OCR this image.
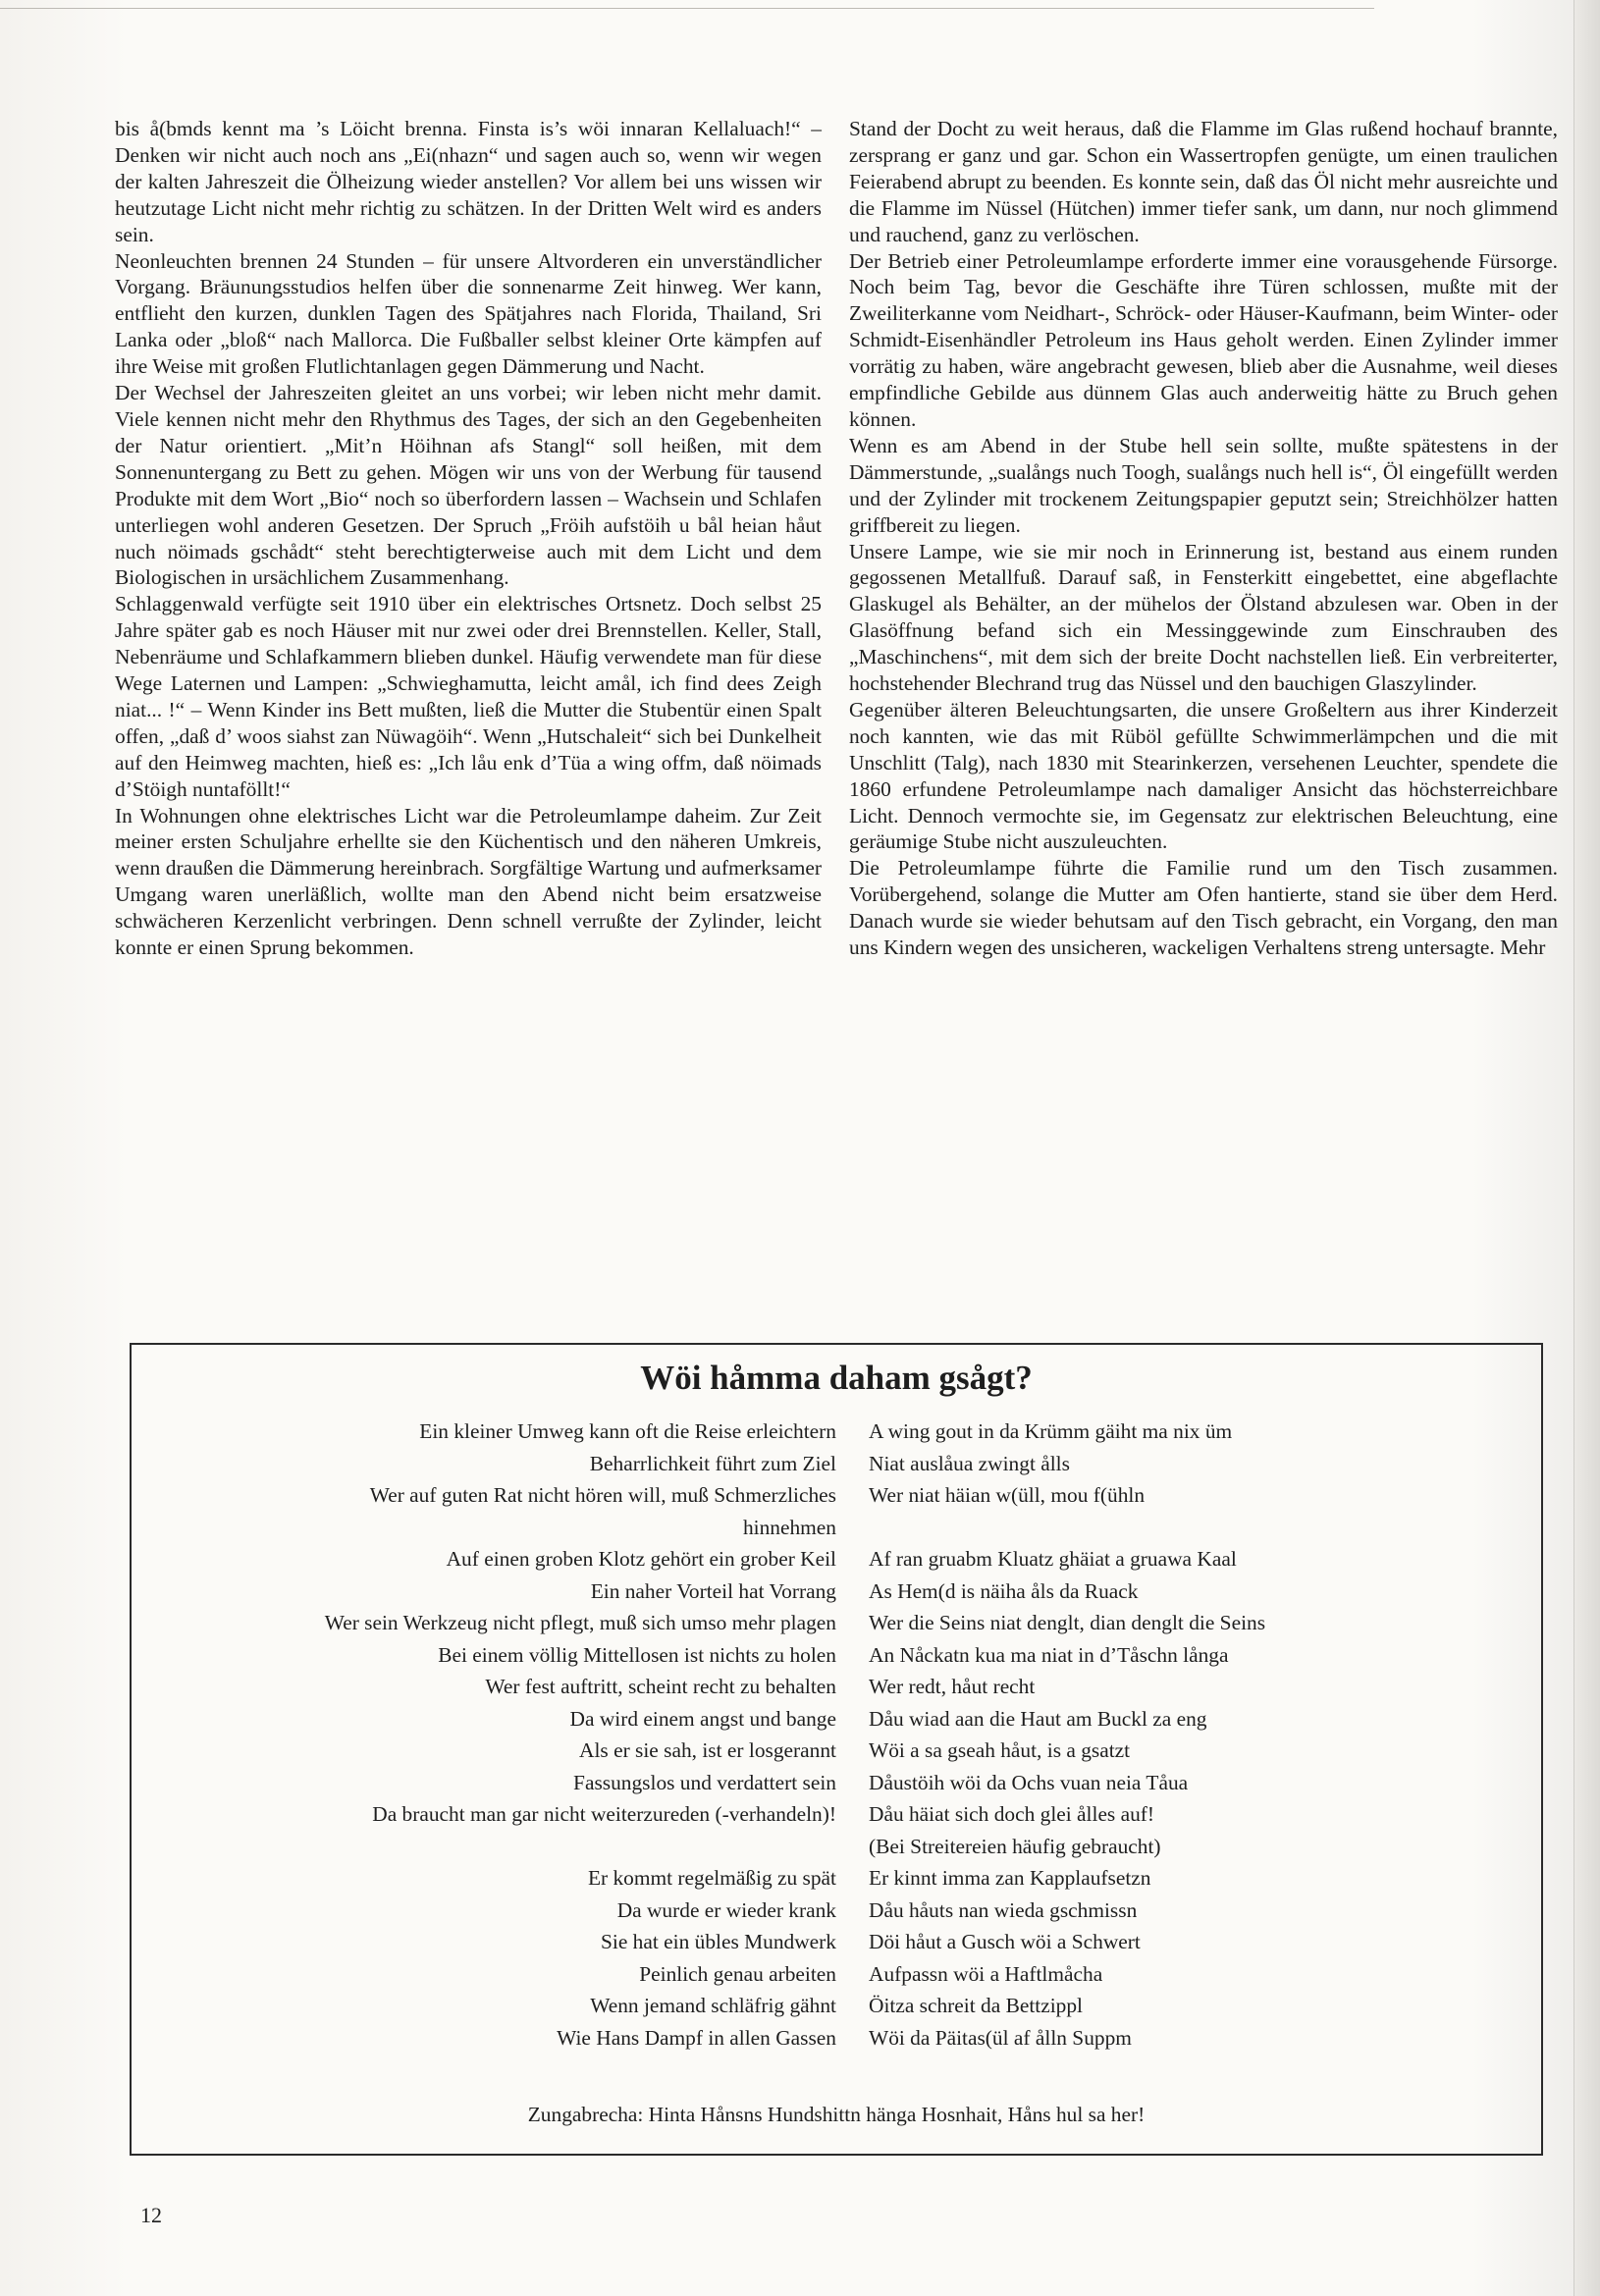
bis å(bmds kennt ma ’s Löicht brenna. Finsta is’s wöi innaran Kellaluach!“ – Denken wir nicht auch noch ans „Ei(nhazn“ und sagen auch so, wenn wir wegen der kalten Jahreszeit die Ölheizung wieder anstellen? Vor allem bei uns wissen wir heutzutage Licht nicht mehr richtig zu schätzen. In der Dritten Welt wird es anders sein.

Neonleuchten brennen 24 Stunden – für unsere Altvorderen ein unverständlicher Vorgang. Bräunungsstudios helfen über die sonnenarme Zeit hinweg. Wer kann, entflieht den kurzen, dunklen Tagen des Spätjahres nach Florida, Thailand, Sri Lanka oder „bloß“ nach Mallorca. Die Fußballer selbst kleiner Orte kämpfen auf ihre Weise mit großen Flutlichtanlagen gegen Dämmerung und Nacht.

Der Wechsel der Jahreszeiten gleitet an uns vorbei; wir leben nicht mehr damit. Viele kennen nicht mehr den Rhythmus des Tages, der sich an den Gegebenheiten der Natur orientiert. „Mit’n Höihnan afs Stangl“ soll heißen, mit dem Sonnenuntergang zu Bett zu gehen. Mögen wir uns von der Werbung für tausend Produkte mit dem Wort „Bio“ noch so überfordern lassen – Wachsein und Schlafen unterliegen wohl anderen Gesetzen. Der Spruch „Fröih aufstöih u bål heian håut nuch nöimads gschådt“ steht berechtigterweise auch mit dem Licht und dem Biologischen in ursächlichem Zusammenhang.

Schlaggenwald verfügte seit 1910 über ein elektrisches Ortsnetz. Doch selbst 25 Jahre später gab es noch Häuser mit nur zwei oder drei Brennstellen. Keller, Stall, Nebenräume und Schlafkammern blieben dunkel. Häufig verwendete man für diese Wege Laternen und Lampen: „Schwieghamutta, leicht amål, ich find dees Zeigh niat... !“ – Wenn Kinder ins Bett mußten, ließ die Mutter die Stubentür einen Spalt offen, „daß d’ woos siahst zan Nüwagöih“. Wenn „Hutschaleit“ sich bei Dunkelheit auf den Heimweg machten, hieß es: „Ich låu enk d’Tüa a wing offm, daß nöimads d’Stöigh nuntaföllt!“

In Wohnungen ohne elektrisches Licht war die Petroleumlampe daheim. Zur Zeit meiner ersten Schuljahre erhellte sie den Küchentisch und den näheren Umkreis, wenn draußen die Dämmerung hereinbrach. Sorgfältige Wartung und aufmerksamer Umgang waren unerläßlich, wollte man den Abend nicht beim ersatzweise schwächeren Kerzenlicht verbringen. Denn schnell verrußte der Zylinder, leicht konnte er einen Sprung bekommen.

Stand der Docht zu weit heraus, daß die Flamme im Glas rußend hochauf brannte, zersprang er ganz und gar. Schon ein Wassertropfen genügte, um einen traulichen Feierabend abrupt zu beenden. Es konnte sein, daß das Öl nicht mehr ausreichte und die Flamme im Nüssel (Hütchen) immer tiefer sank, um dann, nur noch glimmend und rauchend, ganz zu verlöschen.

Der Betrieb einer Petroleumlampe erforderte immer eine vorausgehende Fürsorge. Noch beim Tag, bevor die Geschäfte ihre Türen schlossen, mußte mit der Zweiliterkanne vom Neidhart-, Schröck- oder Häuser-Kaufmann, beim Winter- oder Schmidt-Eisenhändler Petroleum ins Haus geholt werden. Einen Zylinder immer vorrätig zu haben, wäre angebracht gewesen, blieb aber die Ausnahme, weil dieses empfindliche Gebilde aus dünnem Glas auch anderweitig hätte zu Bruch gehen können.

Wenn es am Abend in der Stube hell sein sollte, mußte spätestens in der Dämmerstunde, „sualångs nuch Toogh, sualångs nuch hell is“, Öl eingefüllt werden und der Zylinder mit trockenem Zeitungspapier geputzt sein; Streichhölzer hatten griffbereit zu liegen.

Unsere Lampe, wie sie mir noch in Erinnerung ist, bestand aus einem runden gegossenen Metallfuß. Darauf saß, in Fensterkitt eingebettet, eine abgeflachte Glaskugel als Behälter, an der mühelos der Ölstand abzulesen war. Oben in der Glasöffnung befand sich ein Messinggewinde zum Einschrauben des „Maschinchens“, mit dem sich der breite Docht nachstellen ließ. Ein verbreiterter, hochstehender Blechrand trug das Nüssel und den bauchigen Glaszylinder.

Gegenüber älteren Beleuchtungsarten, die unsere Großeltern aus ihrer Kinderzeit noch kannten, wie das mit Rüböl gefüllte Schwimmerlämpchen und die mit Unschlitt (Talg), nach 1830 mit Stearinkerzen, versehenen Leuchter, spendete die 1860 erfundene Petroleumlampe nach damaliger Ansicht das höchsterreichbare Licht. Dennoch vermochte sie, im Gegensatz zur elektrischen Beleuchtung, eine geräumige Stube nicht auszuleuchten.

Die Petroleumlampe führte die Familie rund um den Tisch zusammen. Vorübergehend, solange die Mutter am Ofen hantierte, stand sie über dem Herd. Danach wurde sie wieder behutsam auf den Tisch gebracht, ein Vorgang, den man uns Kindern wegen des unsicheren, wackeligen Verhaltens streng untersagte. Mehr

Wöi håmma daham gsågt?
Ein kleiner Umweg kann oft die Reise erleichtern
Beharrlichkeit führt zum Ziel
Wer auf guten Rat nicht hören will, muß Schmerzliches
hinnehmen
Auf einen groben Klotz gehört ein grober Keil
Ein naher Vorteil hat Vorrang
Wer sein Werkzeug nicht pflegt, muß sich umso mehr plagen
Bei einem völlig Mittellosen ist nichts zu holen
Wer fest auftritt, scheint recht zu behalten
Da wird einem angst und bange
Als er sie sah, ist er losgerannt
Fassungslos und verdattert sein
Da braucht man gar nicht weiterzureden (-verhandeln)!
Er kommt regelmäßig zu spät
Da wurde er wieder krank
Sie hat ein übles Mundwerk
Peinlich genau arbeiten
Wenn jemand schläfrig gähnt
Wie Hans Dampf in allen Gassen
A wing gout in da Krümm gäiht ma nix üm
Niat auslåua zwingt ålls
Wer niat häian w(üll, mou f(ühln
Af ran gruabm Kluatz ghäiat a gruawa Kaal
As Hem(d is näiha åls da Ruack
Wer die Seins niat denglt, dian denglt die Seins
An Nåckatn kua ma niat in d’Tåschn långa
Wer redt, håut recht
Dåu wiad aan die Haut am Buckl za eng
Wöi a sa gseah håut, is a gsatzt
Dåustöih wöi da Ochs vuan neia Tåua
Dåu häiat sich doch glei ålles auf!
(Bei Streitereien häufig gebraucht)
Er kinnt imma zan Kapplaufsetzn
Dåu håuts nan wieda gschmissn
Döi håut a Gusch wöi a Schwert
Aufpassn wöi a Haftlmåcha
Öitza schreit da Bettzippl
Wöi da Päitas(ül af ålln Suppm
Zungabrecha: Hinta Hånsns Hundshittn hänga Hosnhait, Håns hul sa her!
12
